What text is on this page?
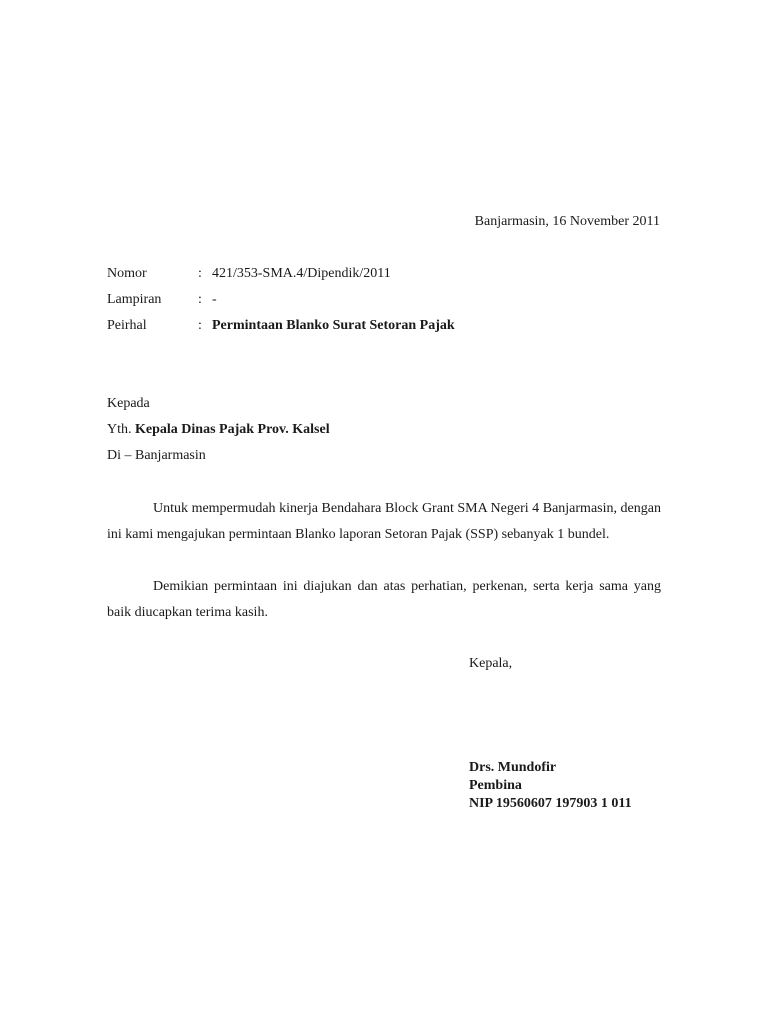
Banjarmasin, 16 November 2011
Nomor	: 421/353-SMA.4/Dipendik/2011
Lampiran	: -
Peirhal	: Permintaan Blanko Surat Setoran Pajak
Kepada
Yth. Kepala Dinas Pajak Prov. Kalsel
Di – Banjarmasin
Untuk mempermudah kinerja Bendahara Block Grant SMA Negeri 4 Banjarmasin, dengan ini kami mengajukan permintaan Blanko laporan Setoran Pajak (SSP) sebanyak 1 bundel.
Demikian permintaan ini diajukan dan atas perhatian, perkenan, serta kerja sama yang baik diucapkan terima kasih.
Kepala,
Drs. Mundofir
Pembina
NIP 19560607 197903 1 011
